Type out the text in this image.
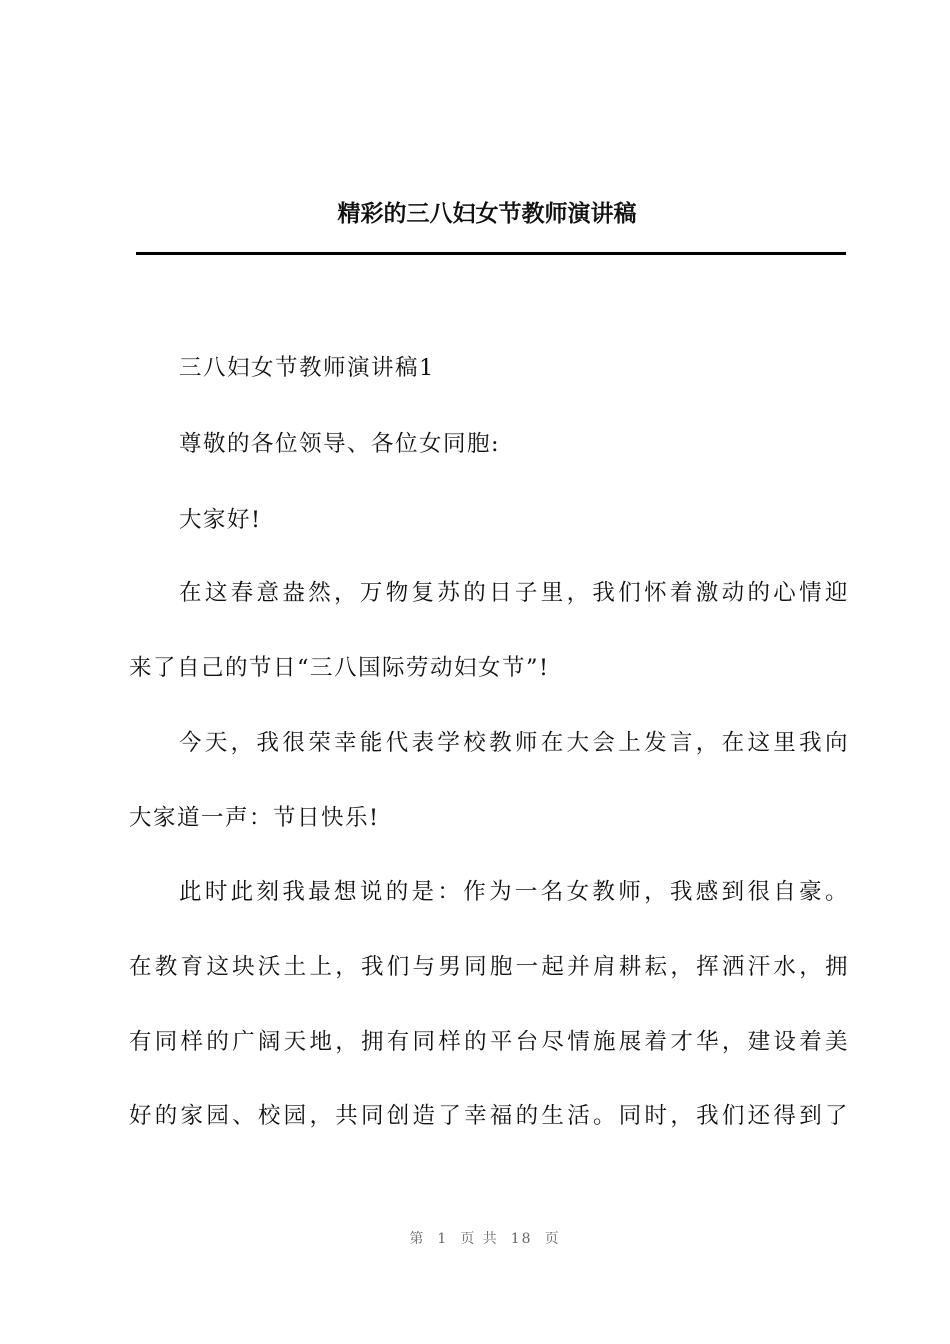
精彩的三八妇女节教师演讲稿
三八妇女节教师演讲稿1
尊敬的各位领导、各位女同胞:
大家好!
在这春意盎然，万物复苏的日子里，我们怀着激动的心情迎
来了自己的节日“三八国际劳动妇女节”!
今天，我很荣幸能代表学校教师在大会上发言，在这里我向
大家道一声：节日快乐!
此时此刻我最想说的是：作为一名女教师，我感到很自豪。
在教育这块沃土上，我们与男同胞一起并肩耕耘，挥洒汗水，拥
有同样的广阔天地，拥有同样的平台尽情施展着才华，建设着美
好的家园、校园，共同创造了幸福的生活。同时，我们还得到了
第 1 页 共 18 页
